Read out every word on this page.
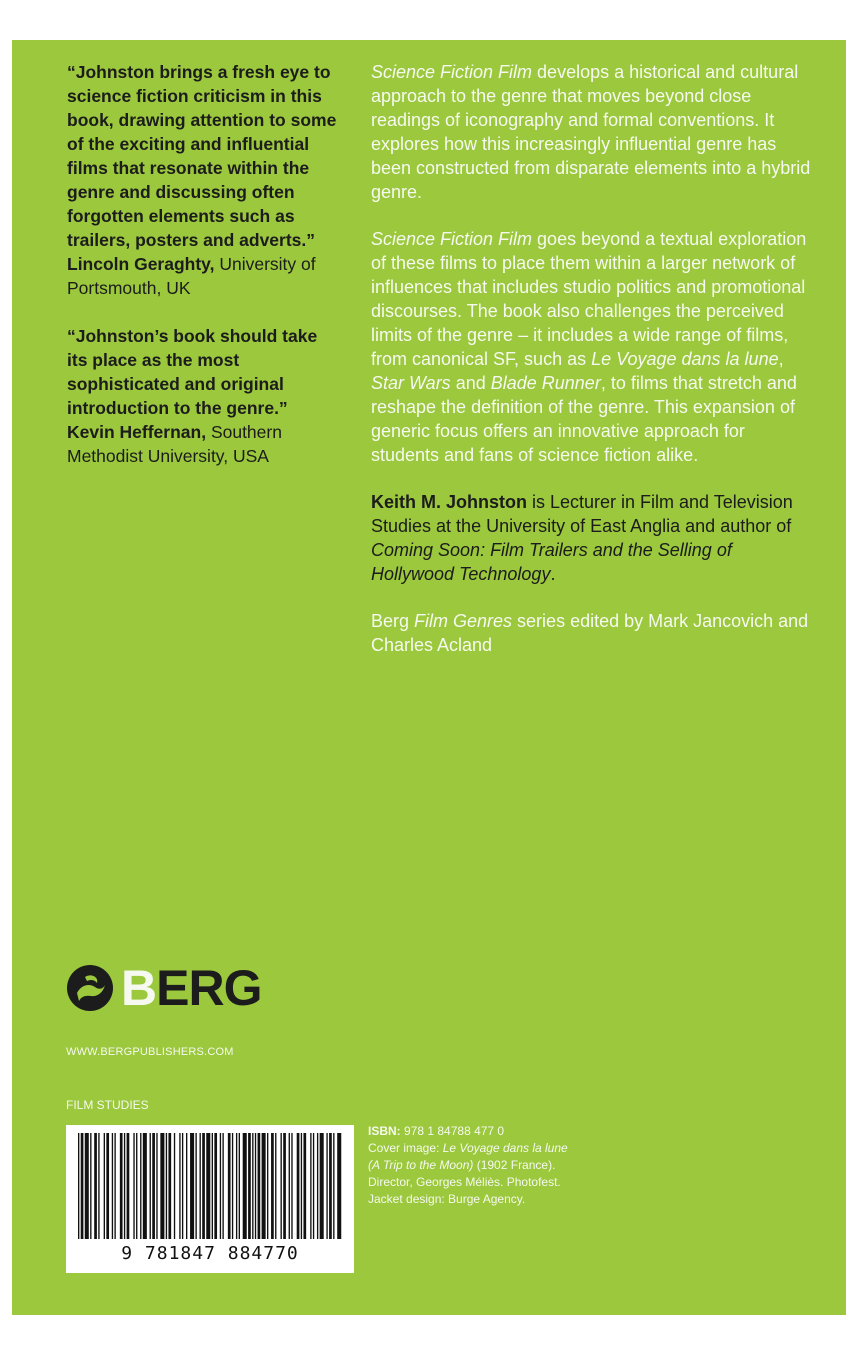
“Johnston brings a fresh eye to science fiction criticism in this book, drawing attention to some of the exciting and influential films that resonate within the genre and discussing often forgotten elements such as trailers, posters and adverts.”

Lincoln Geraghty, University of Portsmouth, UK

“Johnston’s book should take its place as the most sophisticated and original introduction to the genre.” Kevin Heffernan, Southern Methodist University, USA

Science Fiction Film develops a historical and cultural approach to the genre that moves beyond close readings of iconography and formal conventions. It explores how this increasingly influential genre has been constructed from disparate elements into a hybrid genre.

Science Fiction Film goes beyond a textual exploration of these films to place them within a larger network of influences that includes studio politics and promotional discourses. The book also challenges the perceived limits of the genre – it includes a wide range of films, from canonical SF, such as Le Voyage dans la lune, Star Wars and Blade Runner, to films that stretch and reshape the definition of the genre. This expansion of generic focus offers an innovative approach for students and fans of science fiction alike.

Keith M. Johnston is Lecturer in Film and Television Studies at the University of East Anglia and author of Coming Soon: Film Trailers and the Selling of Hollywood Technology.

Berg Film Genres series edited by Mark Jancovich and Charles Acland

BERG
WWW.BERGPUBLISHERS.COM
FILM STUDIES
9 781847 884770
ISBN: 978 1 84788 477 0
Cover image: Le Voyage dans la lune
(A Trip to the Moon) (1902 France).
Director, Georges Méliès. Photofest.
Jacket design: Burge Agency.
